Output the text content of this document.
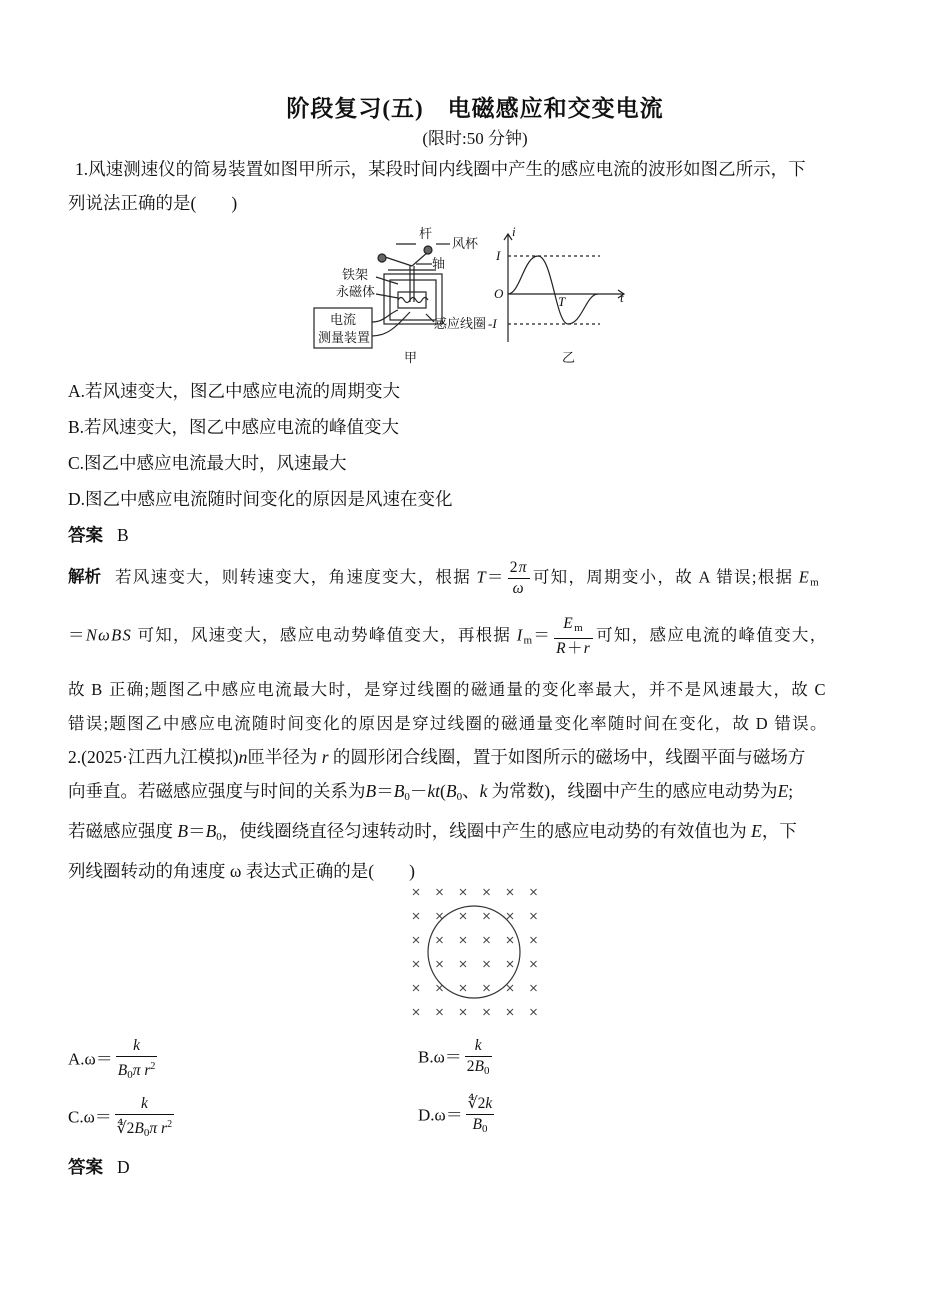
阶段复习(五)　电磁感应和交变电流
(限时:50 分钟)
1.风速测速仪的简易装置如图甲所示，某段时间内线圈中产生的感应电流的波形如图乙所示，下
列说法正确的是(　　)
杆
风杯
轴
铁架
永磁体
电流
测量装置
感应线圈
甲	乙
i
I
O
T	t
-I
A.若风速变大，图乙中感应电流的周期变大
B.若风速变大，图乙中感应电流的峰值变大
C.图乙中感应电流最大时，风速最大
D.图乙中感应电流随时间变化的原因是风速在变化
答案 B
解析 若风速变大，则转速变大，角速度变大，根据 $T= \frac{2\pi}{\omega}$ 可知，周期变小，故 A 错误;根据 $E_m$
＝NωBS 可知，风速变大，感应电动势峰值变大，再根据 $I_m= \frac{E_m}{R+r}$ 可知，感应电流的峰值变大，
故 B 正确;题图乙中感应电流最大时，是穿过线圈的磁通量的变化率最大，并不是风速最大，故 C
错误;题图乙中感应电流随时间变化的原因是穿过线圈的磁通量变化率随时间在变化，故 D 错误。
2.(2025·江西九江模拟)n匝半径为 r 的圆形闭合线圈，置于如图所示的磁场中，线圈平面与磁场方
向垂直。若磁感应强度与时间的关系为$B=B_0-kt(B_0$、k 为常数)，线圈中产生的感应电动势为E;
若磁感应强度 $B=B_0$，使线圈绕直径匀速转动时，线圈中产生的感应电动势的有效值也为 E，下
列线圈转动的角速度 ω 表达式正确的是(　　)
$A.\omega= \frac{k}{B_0\pi r^2}$	$B.\omega= \frac{k}{2B_0}$
$C.\omega= \frac{k}{∜2B_0\pi r^2}$	$D.\omega= \frac{∜2k}{B_0}$
答案 D
